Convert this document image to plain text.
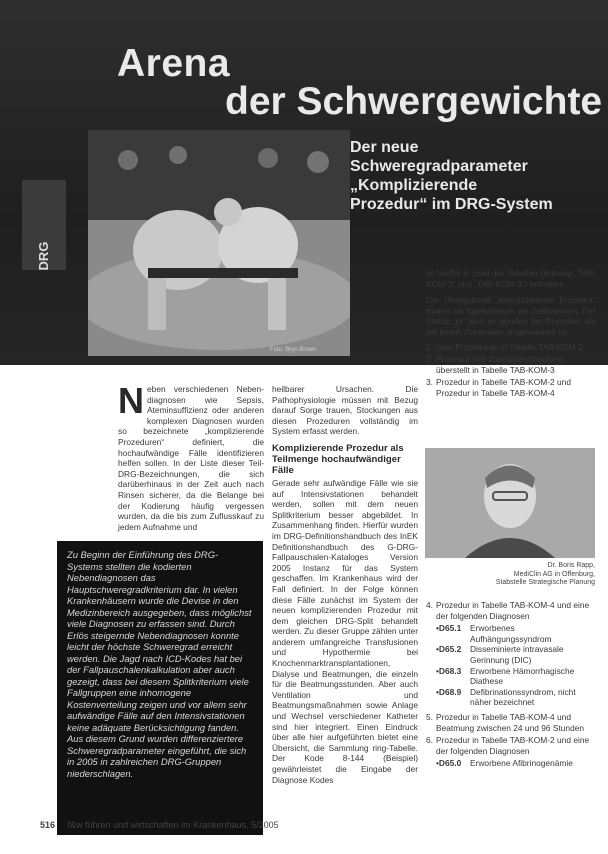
Arena
der Schwergewichte
Der neue
Schweregradparameter
„Komplizierende
Prozedur“ im DRG-System
DRG
Foto: Bryn Brown

Neben verschiedenen Neben-diagnosen wie Sepsis, Ateminsuffizienz oder anderen komplexen Diagnosen wurden so bezeichnete „komplizierende Prozeduren“ definiert, die hochaufwändige Fälle identifizieren helfen sollen. In der Liste dieser Teil-DRG-Bezeichnungen, die sich darüberhinaus in der Zeit auch nach Rinsen sicherer, da die Belange bei der Kodierung häufig vergessen wurden, da die bis zum Zuflusskauf zu jedem Aufnahme und

heilbarer Ursachen. Die Pathophysiologie müssen mit Bezug darauf Sorge trauen, Stockungen aus diesen Prozeduren vollständig im System erfasst werden.

Komplizierende Prozedur als Teilmenge hochaufwändiger Fälle

Gerade sehr aufwändige Fälle wie sie auf Intensivstationen behandelt werden, sollen mit dem neuen Splitkriterium besser abgebildet. In Zusammenhang finden. Hierfür wurden im DRG-Definitionshandbuch des InEK Definitionshandbuch des G-DRG-Fallpauschalen-Kataloges Version 2005 Instanz für das System geschaffen. Im Krankenhaus wird der Fall definiert. In der Folge können diese Fälle zunächst im System der neuen komplizierenden Prozedur mit dem gleichen DRG-Split behandelt werden. Zu dieser Gruppe zählen unter anderem umfangreiche Transfusionen und Hypothermie bei Knochenmarktransplantationen, Dialyse und Beatmungen, die einzeln für die Beatmungsstunden. Aber auch Ventilation und Beatmungsmaßnahmen sowie Anlage und Wechsel verschiedener Katheter sind hier integriert. Einen Eindruck über alle hier aufgeführten bietet eine Übersicht, die Sammlung ring-Tabelle. Der Kode 8-144 (Beispiel) gewährleistet die Eingabe der Diagnose Kodes

ist hierfür in zwei der Tabellen (Anhang „TAB-KOM-3“ und „TAB-KOM-3“) enthalten.

Der Übergaberat „komplizierende Prozedur“ fordert als Splitkriterium ein Zeitkriterium. Der Status „ja“ wird es gerufen bei Prozedur, die bei jenem Parameter umgewandelt ist:

1. zwei Prozeduren in Tabelle TAB-KOM-2
2. Prozedur (mit Zusatzkennzeichen) überstellt in Tabelle TAB-KOM-3
3. Prozedur in Tabelle TAB-KOM-2 und Prozedur in Tabelle TAB-KOM-4
Dr. Boris Rapp,
MediClin AG in Offenburg,
Stabstelle Strategische Planung
4. Prozedur in Tabelle TAB-KOM-4 und eine der folgenden Diagnosen
•D65.1	Erworbenes Aufhängungssyndrom
•D65.2	Disseminierte intravasale Gerinnung (DIC)
•D68.3	Erworbene Hämorrhagische Diathese
•D68.9	Defibrinationssyndrom, nicht näher bezeichnet
5. Prozedur in Tabelle TAB-KOM-4 und Beatmung zwischen 24 und 96 Stunden
6. Prozedur in Tabelle TAB-KOM-2 und eine der folgenden Diagnosen
•D65.0	Erworbene Afibrinogenämie

Zu Beginn der Einführung des DRG-Systems stellten die kodierten Nebendiagnosen das Hauptschweregradkriterium dar. In vielen Krankenhäusern wurde die Devise in den Medizinbereich ausgegeben, dass möglichst viele Diagnosen zu erfassen sind. Durch Erlös steigernde Nebendiagnosen konnte leicht der höchste Schweregrad erreicht werden. Die Jagd nach ICD-Kodes hat bei der Fallpauschalenkalkulation aber auch gezeigt, dass bei diesem Splitkriterium viele Fallgruppen eine inhomogene Kostenverteilung zeigen und vor allem sehr aufwändige Fälle auf den Intensivstationen keine adäquate Berücksichtigung fanden. Aus diesem Grund wurden differenziertere Schweregradparameter eingeführt, die sich in 2005 in zahlreichen DRG-Gruppen niederschlagen.

516 f&w führen und wirtschaften im Krankenhaus, 5/2005
